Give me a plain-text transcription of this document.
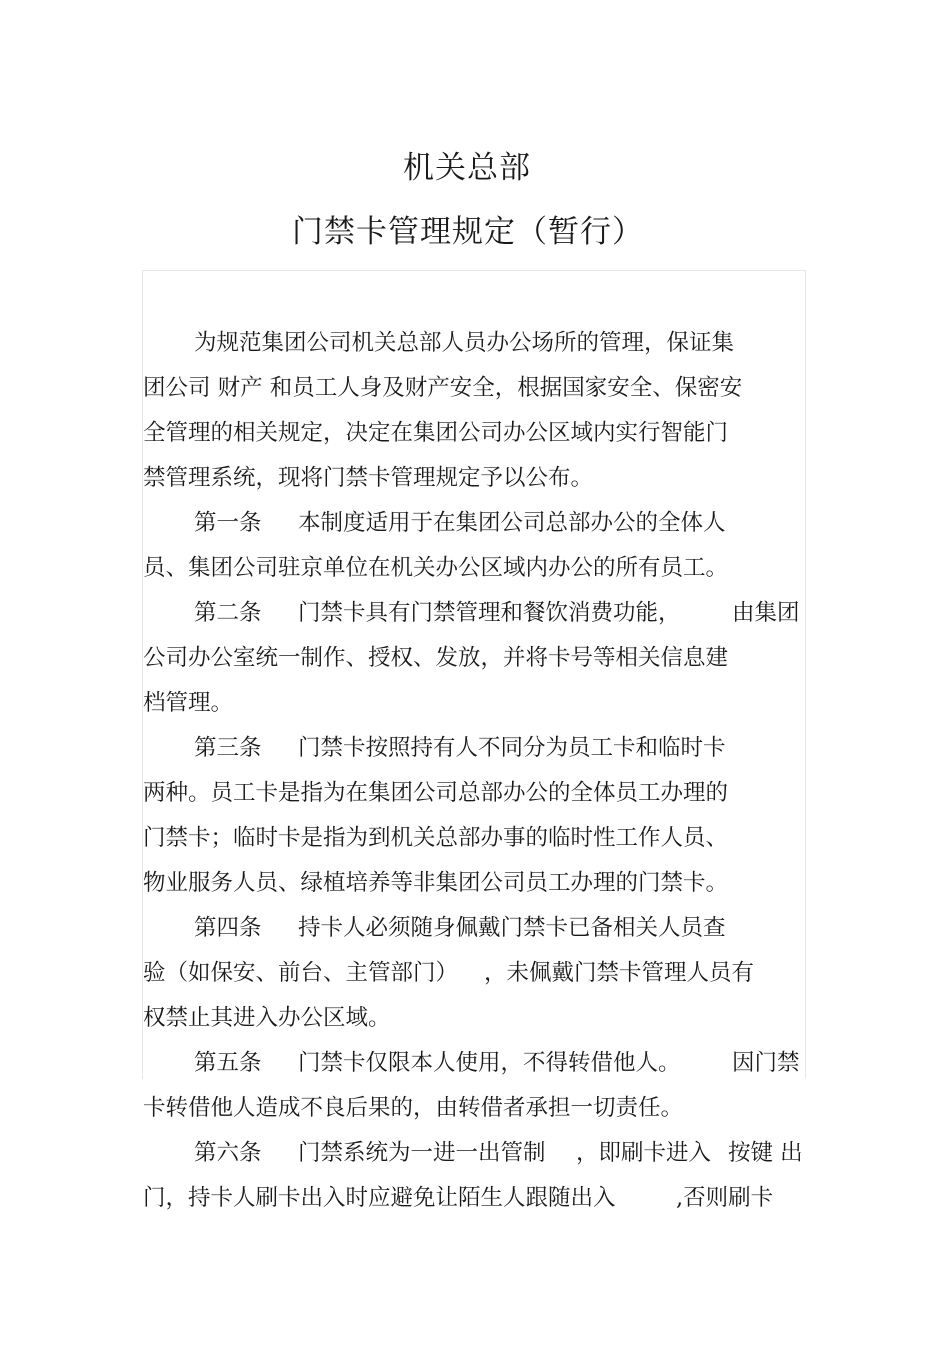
机关总部
门禁卡管理规定（暂行）
为规范集团公司机关总部人员办公场所的管理，保证集
团公司 财产 和员工人身及财产安全，根据国家安全、保密安
全管理的相关规定，决定在集团公司办公区域内实行智能门
禁管理系统，现将门禁卡管理规定予以公布。
第一条 本制度适用于在集团公司总部办公的全体人
员、集团公司驻京单位在机关办公区域内办公的所有员工。
第二条 门禁卡具有门禁管理和餐饮消费功能， 由集团
公司办公室统一制作、授权、发放，并将卡号等相关信息建
档管理。
第三条 门禁卡按照持有人不同分为员工卡和临时卡
两种。员工卡是指为在集团公司总部办公的全体员工办理的
门禁卡；临时卡是指为到机关总部办事的临时性工作人员、
物业服务人员、绿植培养等非集团公司员工办理的门禁卡。
第四条 持卡人必须随身佩戴门禁卡已备相关人员查
验（如保安、前台、主管部门） ，未佩戴门禁卡管理人员有
权禁止其进入办公区域。
第五条 门禁卡仅限本人使用，不得转借他人。 因门禁
卡转借他人造成不良后果的，由转借者承担一切责任。
第六条 门禁系统为一进一出管制 ，即刷卡进入 按键 出
门，持卡人刷卡出入时应避免让陌生人跟随出入	,否则刷卡
